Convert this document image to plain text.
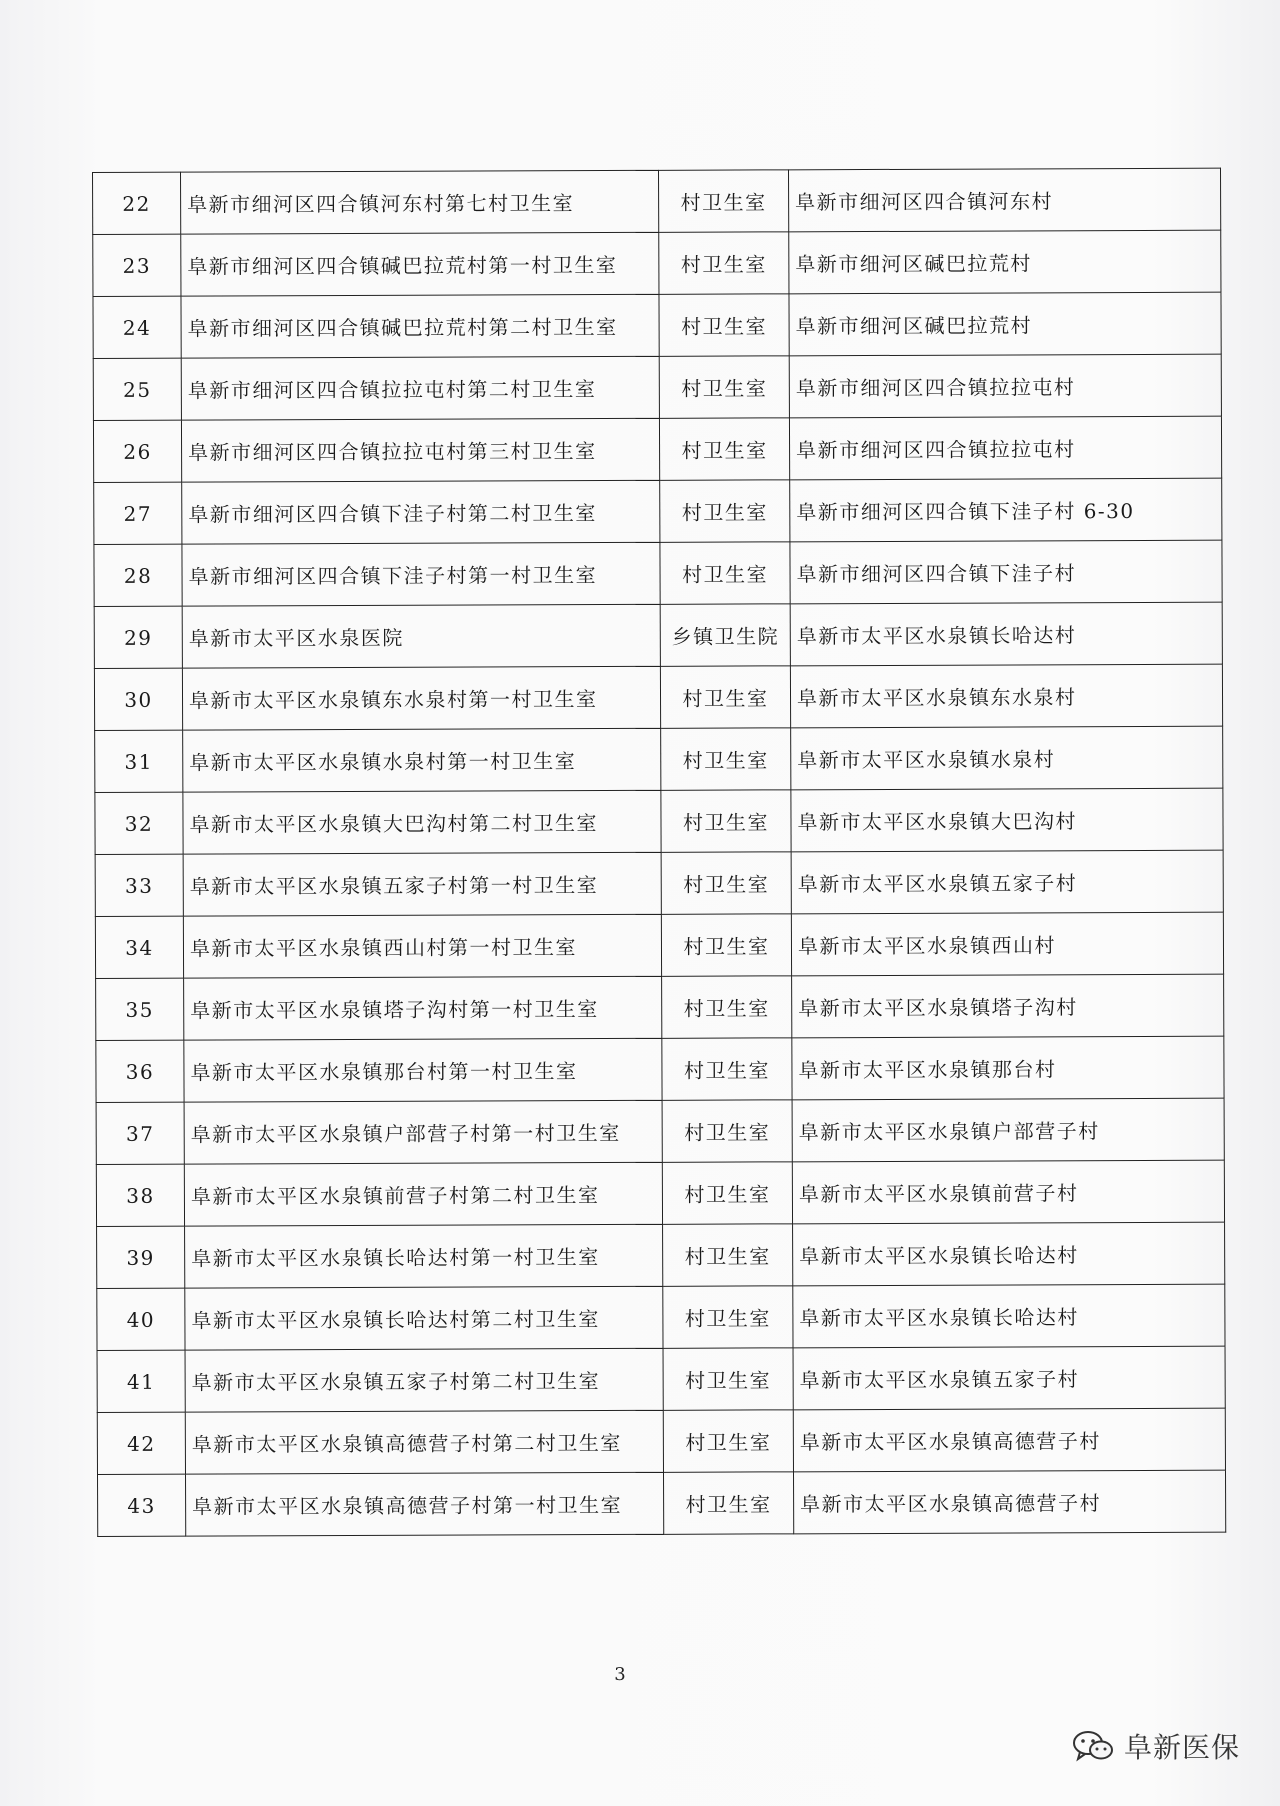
22	阜新市细河区四合镇河东村第七村卫生室	村卫生室	阜新市细河区四合镇河东村
23	阜新市细河区四合镇碱巴拉荒村第一村卫生室	村卫生室	阜新市细河区碱巴拉荒村
24	阜新市细河区四合镇碱巴拉荒村第二村卫生室	村卫生室	阜新市细河区碱巴拉荒村
25	阜新市细河区四合镇拉拉屯村第二村卫生室	村卫生室	阜新市细河区四合镇拉拉屯村
26	阜新市细河区四合镇拉拉屯村第三村卫生室	村卫生室	阜新市细河区四合镇拉拉屯村
27	阜新市细河区四合镇下洼子村第二村卫生室	村卫生室	阜新市细河区四合镇下洼子村 6-30
28	阜新市细河区四合镇下洼子村第一村卫生室	村卫生室	阜新市细河区四合镇下洼子村
29	阜新市太平区水泉医院	乡镇卫生院	阜新市太平区水泉镇长哈达村
30	阜新市太平区水泉镇东水泉村第一村卫生室	村卫生室	阜新市太平区水泉镇东水泉村
31	阜新市太平区水泉镇水泉村第一村卫生室	村卫生室	阜新市太平区水泉镇水泉村
32	阜新市太平区水泉镇大巴沟村第二村卫生室	村卫生室	阜新市太平区水泉镇大巴沟村
33	阜新市太平区水泉镇五家子村第一村卫生室	村卫生室	阜新市太平区水泉镇五家子村
34	阜新市太平区水泉镇西山村第一村卫生室	村卫生室	阜新市太平区水泉镇西山村
35	阜新市太平区水泉镇塔子沟村第一村卫生室	村卫生室	阜新市太平区水泉镇塔子沟村
36	阜新市太平区水泉镇那台村第一村卫生室	村卫生室	阜新市太平区水泉镇那台村
37	阜新市太平区水泉镇户部营子村第一村卫生室	村卫生室	阜新市太平区水泉镇户部营子村
38	阜新市太平区水泉镇前营子村第二村卫生室	村卫生室	阜新市太平区水泉镇前营子村
39	阜新市太平区水泉镇长哈达村第一村卫生室	村卫生室	阜新市太平区水泉镇长哈达村
40	阜新市太平区水泉镇长哈达村第二村卫生室	村卫生室	阜新市太平区水泉镇长哈达村
41	阜新市太平区水泉镇五家子村第二村卫生室	村卫生室	阜新市太平区水泉镇五家子村
42	阜新市太平区水泉镇高德营子村第二村卫生室	村卫生室	阜新市太平区水泉镇高德营子村
43	阜新市太平区水泉镇高德营子村第一村卫生室	村卫生室	阜新市太平区水泉镇高德营子村
3
阜新医保
